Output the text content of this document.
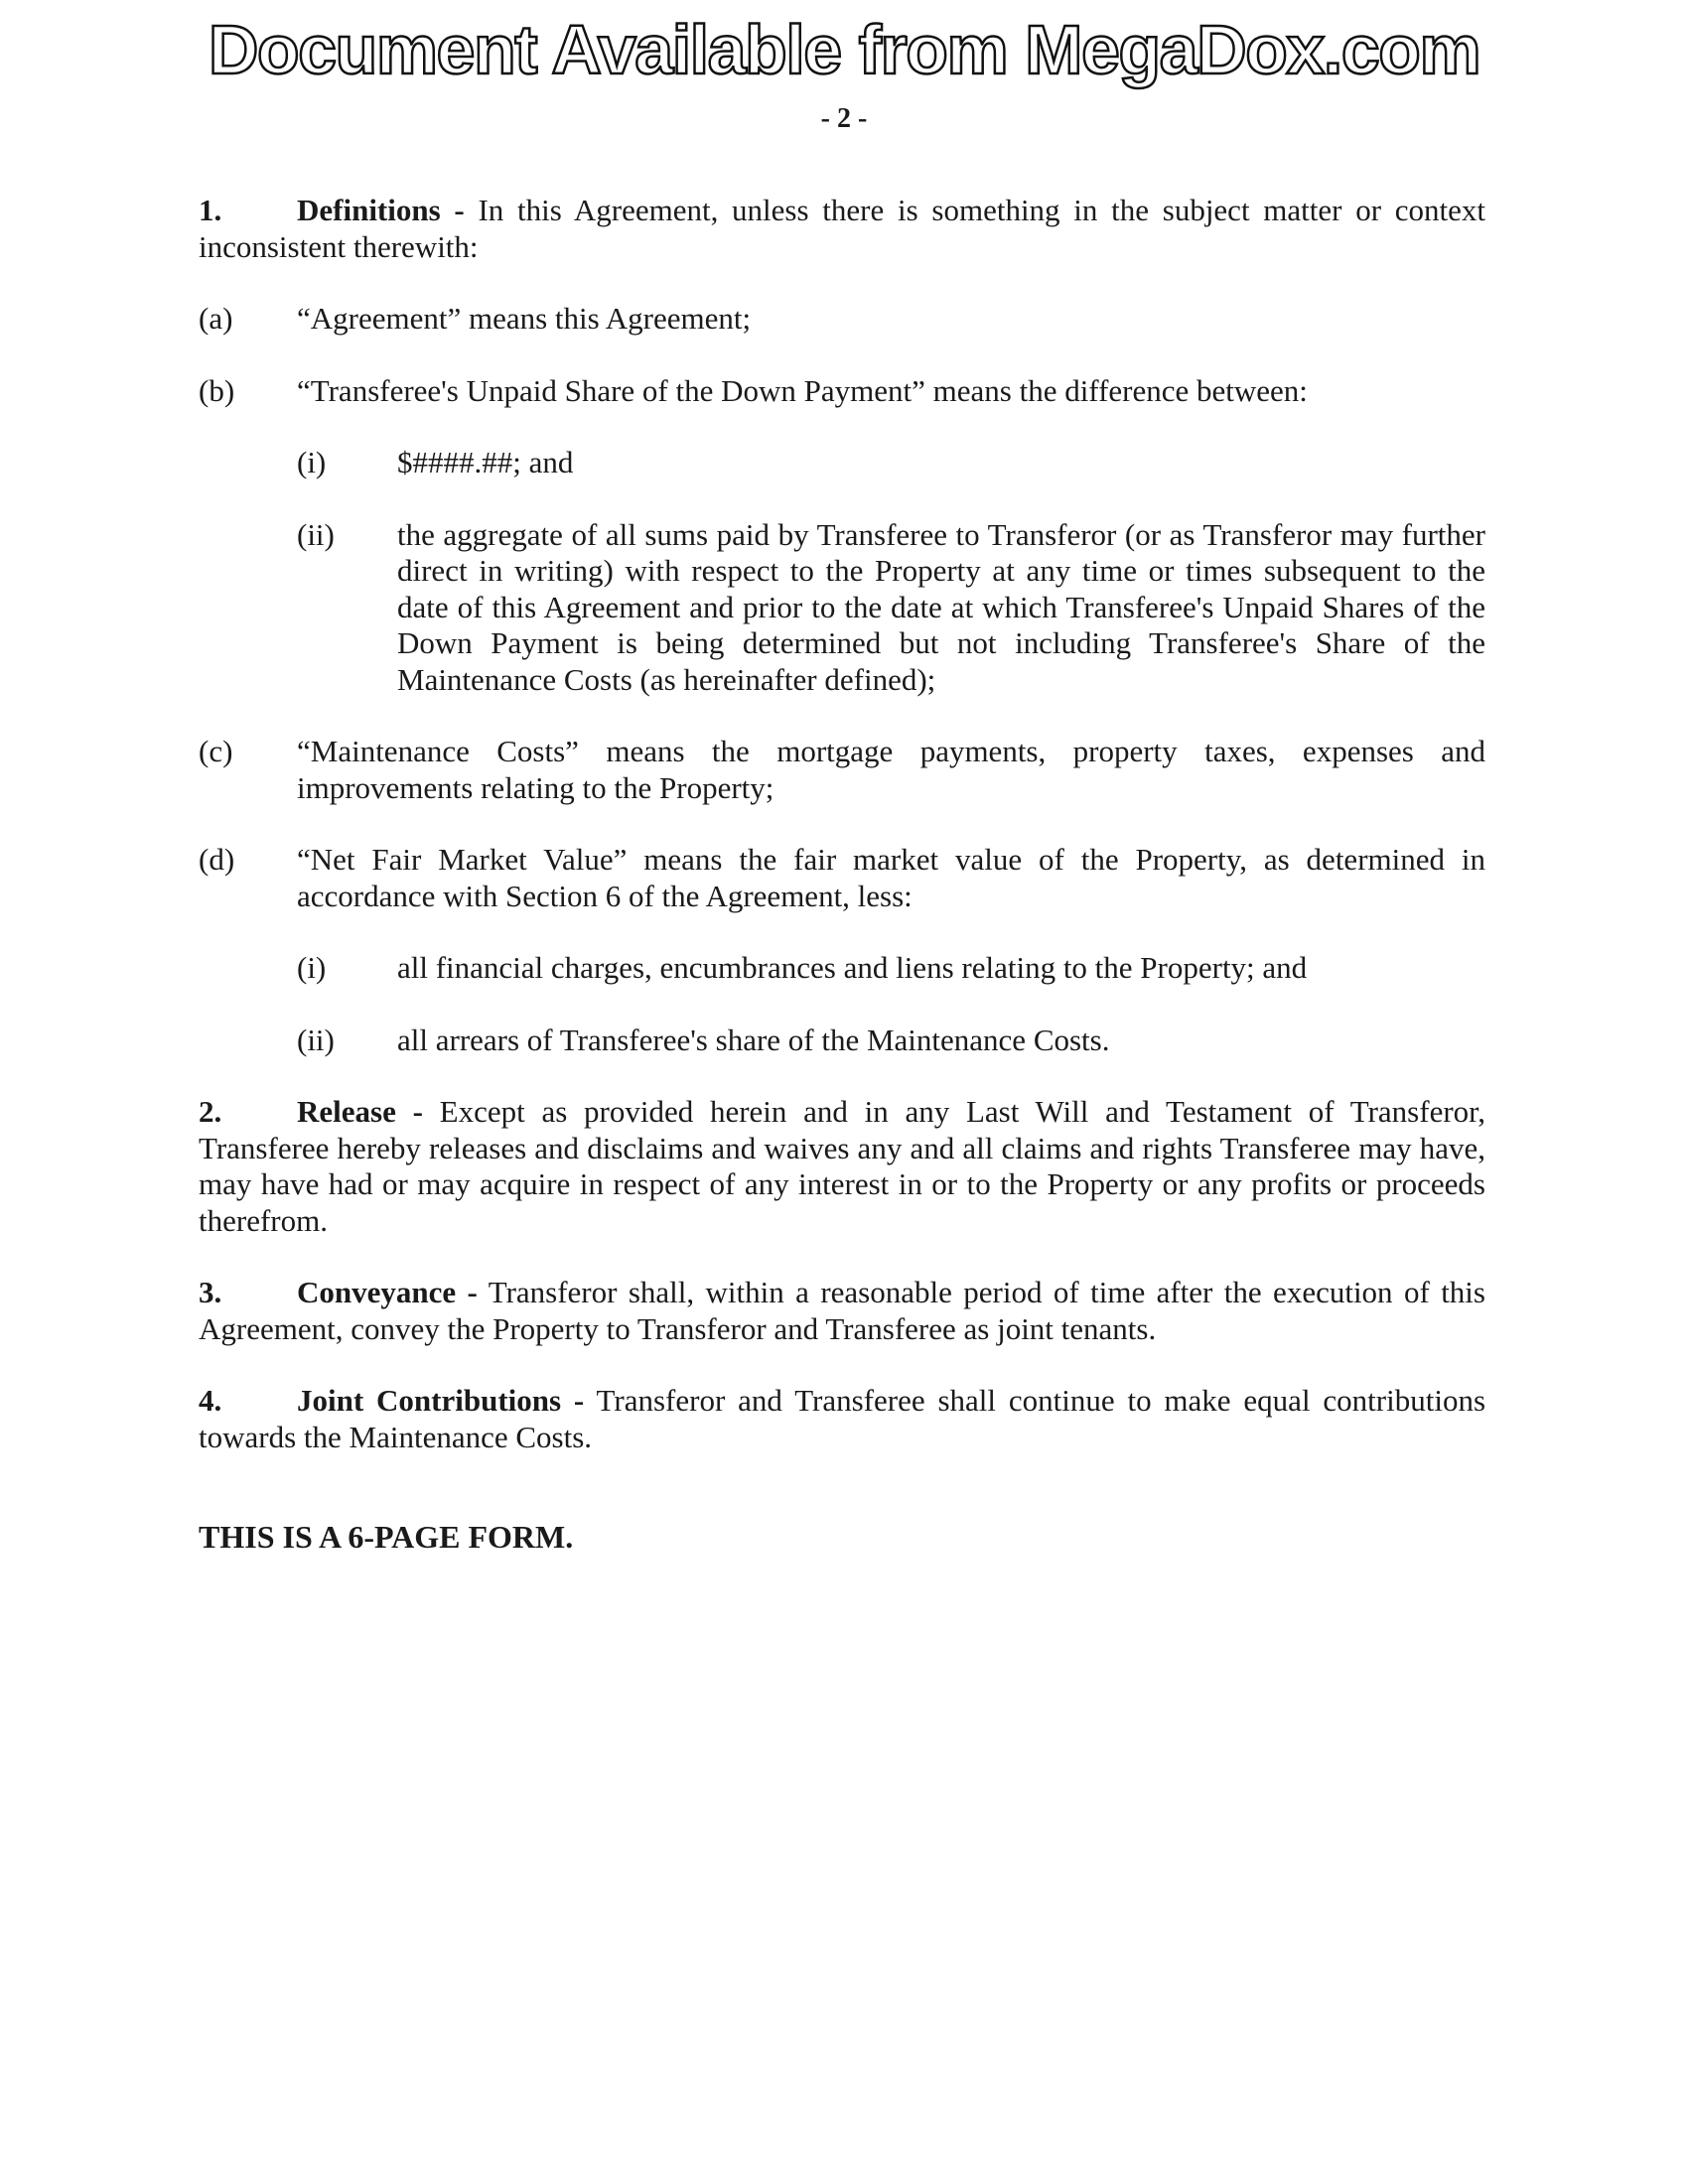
Document Available from MegaDox.com
- 2 -
1. Definitions - In this Agreement, unless there is something in the subject matter or context inconsistent therewith:
(a) “Agreement” means this Agreement;
(b) “Transferee's Unpaid Share of the Down Payment” means the difference between:
(i) $####.##; and
(ii) the aggregate of all sums paid by Transferee to Transferor (or as Transferor may further direct in writing) with respect to the Property at any time or times subsequent to the date of this Agreement and prior to the date at which Transferee's Unpaid Shares of the Down Payment is being determined but not including Transferee's Share of the Maintenance Costs (as hereinafter defined);
(c) “Maintenance Costs” means the mortgage payments, property taxes, expenses and improvements relating to the Property;
(d) “Net Fair Market Value” means the fair market value of the Property, as determined in accordance with Section 6 of the Agreement, less:
(i) all financial charges, encumbrances and liens relating to the Property; and
(ii) all arrears of Transferee's share of the Maintenance Costs.
2. Release - Except as provided herein and in any Last Will and Testament of Transferor, Transferee hereby releases and disclaims and waives any and all claims and rights Transferee may have, may have had or may acquire in respect of any interest in or to the Property or any profits or proceeds therefrom.
3. Conveyance - Transferor shall, within a reasonable period of time after the execution of this Agreement, convey the Property to Transferor and Transferee as joint tenants.
4. Joint Contributions - Transferor and Transferee shall continue to make equal contributions towards the Maintenance Costs.
THIS IS A 6-PAGE FORM.
